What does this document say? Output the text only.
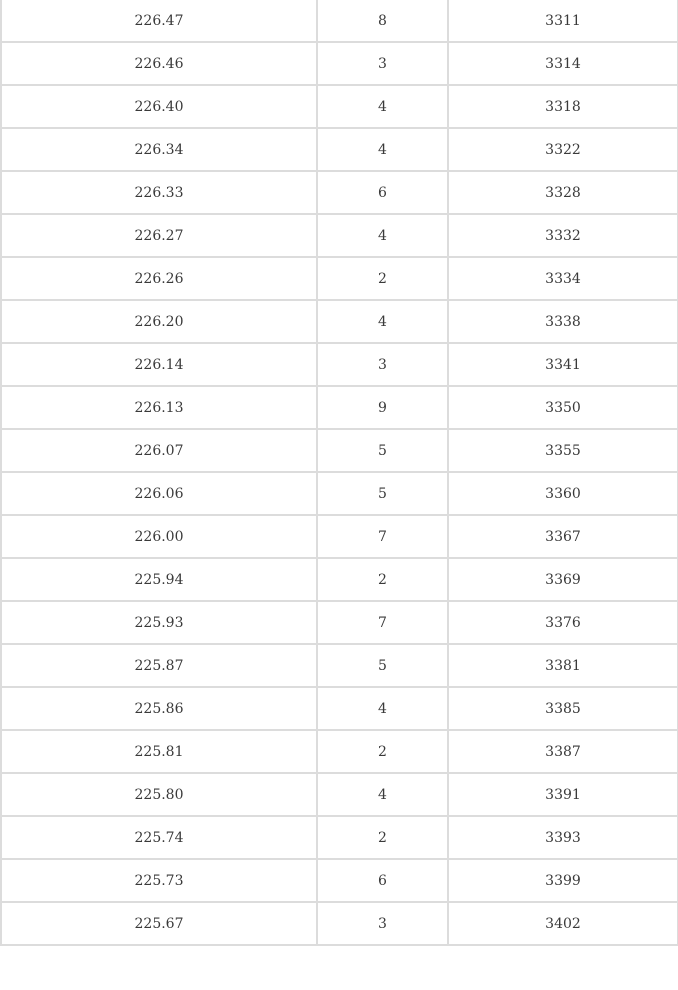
226.47	8	3311
226.46	3	3314
226.40	4	3318
226.34	4	3322
226.33	6	3328
226.27	4	3332
226.26	2	3334
226.20	4	3338
226.14	3	3341
226.13	9	3350
226.07	5	3355
226.06	5	3360
226.00	7	3367
225.94	2	3369
225.93	7	3376
225.87	5	3381
225.86	4	3385
225.81	2	3387
225.80	4	3391
225.74	2	3393
225.73	6	3399
225.67	3	3402
